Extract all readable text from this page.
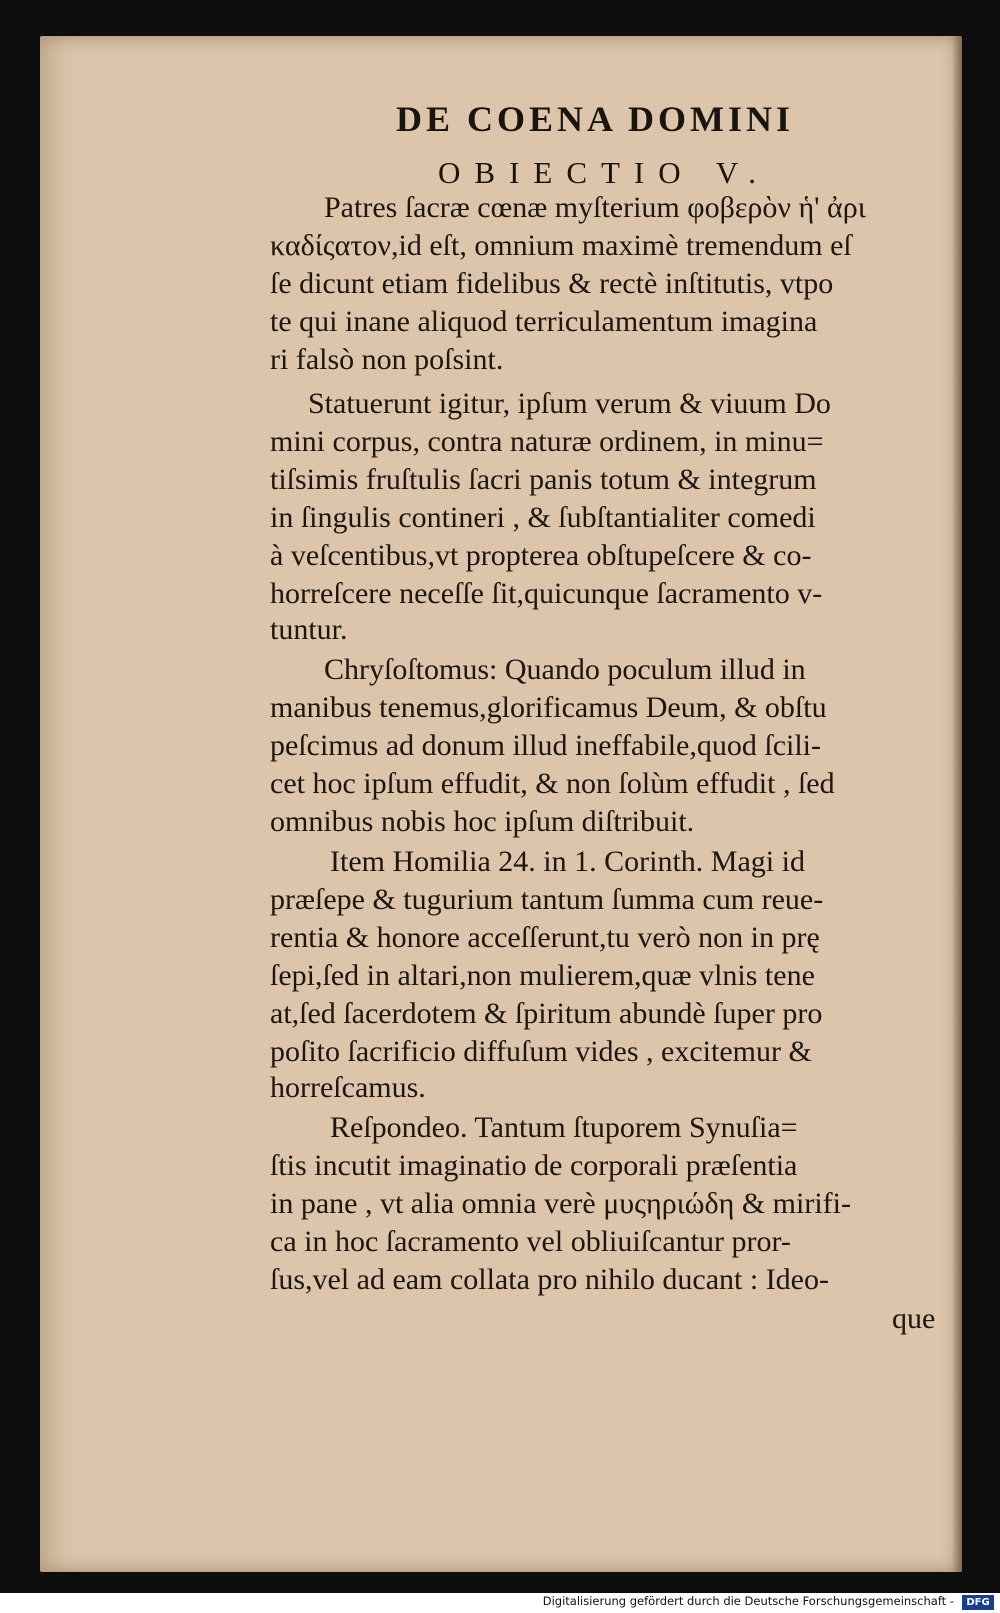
DE COENA DOMINI
OBIECTIO V.
Patres ſacræ cœnæ myſterium φοβερὸν ἡ' ἀρι
καδίςατον,id eſt, omnium maximè tremendum eſ
ſe dicunt etiam fidelibus & rectè inſtitutis, vtpo
te qui inane aliquod terriculamentum imagina
ri falsò non poſsint.
Statuerunt igitur, ipſum verum & viuum Do
mini corpus, contra naturæ ordinem, in minu=
tiſsimis fruſtulis ſacri panis totum & integrum
in ſingulis contineri , & ſubſtantialiter comedi
à veſcentibus,vt propterea obſtupeſcere & co-
horreſcere neceſſe ſit,quicunque ſacramento v-
tuntur.
Chryſoſtomus: Quando poculum illud in
manibus tenemus,glorificamus Deum, & obſtu
peſcimus ad donum illud ineffabile,quod ſcili-
cet hoc ipſum effudit, & non ſolùm effudit , ſed
omnibus nobis hoc ipſum diſtribuit.
Item Homilia 24. in 1. Corinth. Magi id
præſepe & tugurium tantum ſumma cum reue-
rentia & honore acceſſerunt,tu verò non in prę
ſepi,ſed in altari,non mulierem,quæ vlnis tene
at,ſed ſacerdotem & ſpiritum abundè ſuper pro
poſito ſacrificio diffuſum vides , excitemur &
horreſcamus.
Reſpondeo. Tantum ſtuporem Synuſia=
ſtis incutit imaginatio de corporali præſentia
in pane , vt alia omnia verè μυςηριώδη & mirifi-
ca in hoc ſacramento vel obliuiſcantur pror-
ſus,vel ad eam collata pro nihilo ducant : Ideo-
que
Digitalisierung gefördert durch die Deutsche Forschungsgemeinschaft -	DFG
